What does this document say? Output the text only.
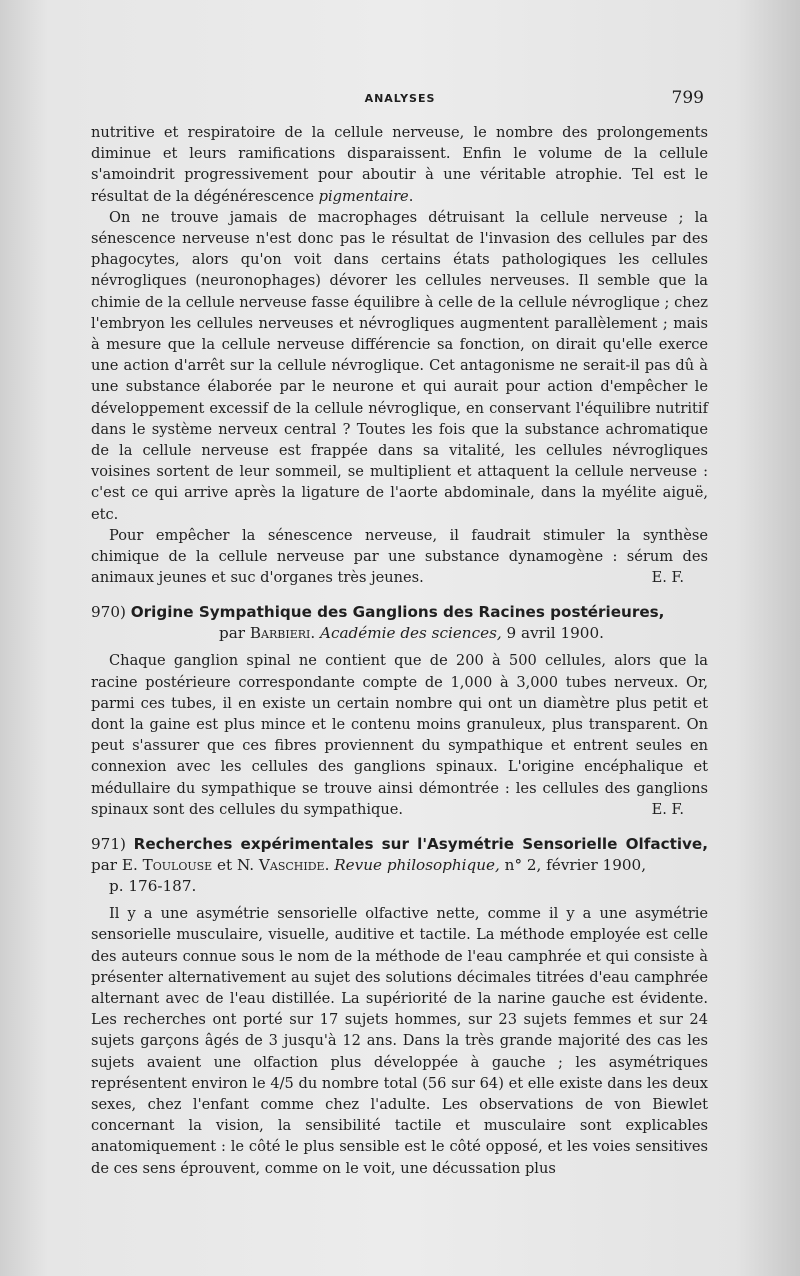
ANALYSES	799

nutritive et respiratoire de la cellule nerveuse, le nombre des prolongements diminue et leurs ramifications disparaissent. Enfin le volume de la cellule s'amoindrit progressivement pour aboutir à une véritable atrophie. Tel est le résultat de la dégénérescence pigmentaire.

On ne trouve jamais de macrophages détruisant la cellule nerveuse ; la sénescence nerveuse n'est donc pas le résultat de l'invasion des cellules par des phagocytes, alors qu'on voit dans certains états pathologiques les cellules névrogliques (neuronophages) dévorer les cellules nerveuses. Il semble que la chimie de la cellule nerveuse fasse équilibre à celle de la cellule névroglique ; chez l'embryon les cellules nerveuses et névrogliques augmentent parallèlement ; mais à mesure que la cellule nerveuse différencie sa fonction, on dirait qu'elle exerce une action d'arrêt sur la cellule névroglique. Cet antagonisme ne serait-il pas dû à une substance élaborée par le neurone et qui aurait pour action d'empêcher le développement excessif de la cellule névroglique, en conservant l'équilibre nutritif dans le système nerveux central ? Toutes les fois que la substance achromatique de la cellule nerveuse est frappée dans sa vitalité, les cellules névrogliques voisines sortent de leur sommeil, se multiplient et attaquent la cellule nerveuse : c'est ce qui arrive après la ligature de l'aorte abdominale, dans la myélite aiguë, etc.

Pour empêcher la sénescence nerveuse, il faudrait stimuler la synthèse chimique de la cellule nerveuse par une substance dynamogène : sérum des animaux jeunes et suc d'organes très jeunes.	E. F.

970) Origine Sympathique des Ganglions des Racines postérieures,
par Barbieri. Académie des sciences, 9 avril 1900.

Chaque ganglion spinal ne contient que de 200 à 500 cellules, alors que la racine postérieure correspondante compte de 1,000 à 3,000 tubes nerveux. Or, parmi ces tubes, il en existe un certain nombre qui ont un diamètre plus petit et dont la gaine est plus mince et le contenu moins granuleux, plus transparent. On peut s'assurer que ces fibres proviennent du sympathique et entrent seules en connexion avec les cellules des ganglions spinaux. L'origine encéphalique et médullaire du sympathique se trouve ainsi démontrée : les cellules des ganglions spinaux sont des cellules du sympathique.	E. F.

971) Recherches expérimentales sur l'Asymétrie Sensorielle Olfactive, par E. Toulouse et N. Vaschide. Revue philosophique, n° 2, février 1900,
p. 176-187.

Il y a une asymétrie sensorielle olfactive nette, comme il y a une asymétrie sensorielle musculaire, visuelle, auditive et tactile. La méthode employée est celle des auteurs connue sous le nom de la méthode de l'eau camphrée et qui consiste à présenter alternativement au sujet des solutions décimales titrées d'eau camphrée alternant avec de l'eau distillée. La supériorité de la narine gauche est évidente. Les recherches ont porté sur 17 sujets hommes, sur 23 sujets femmes et sur 24 sujets garçons âgés de 3 jusqu'à 12 ans. Dans la très grande majorité des cas les sujets avaient une olfaction plus développée à gauche ; les asymétriques représentent environ le 4/5 du nombre total (56 sur 64) et elle existe dans les deux sexes, chez l'enfant comme chez l'adulte. Les observations de von Biewlet concernant la vision, la sensibilité tactile et musculaire sont explicables anatomiquement : le côté le plus sensible est le côté opposé, et les voies sensitives de ces sens éprouvent, comme on le voit, une décussation plus
